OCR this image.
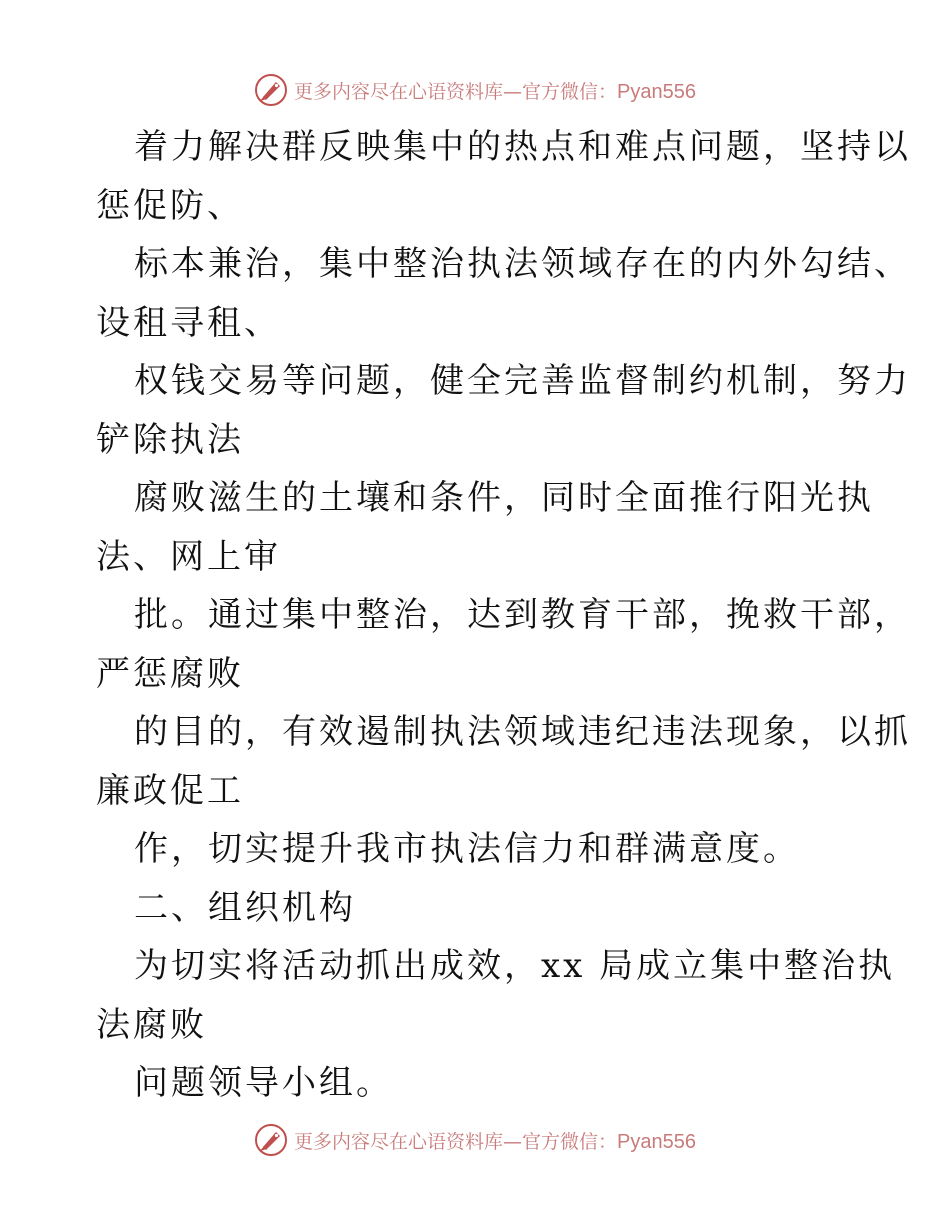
更多内容尽在心语资料库—官方微信：Pyan556
着力解决群反映集中的热点和难点问题，坚持以
惩促防、
标本兼治，集中整治执法领域存在的内外勾结、
设租寻租、
权钱交易等问题，健全完善监督制约机制，努力
铲除执法
腐败滋生的土壤和条件，同时全面推行阳光执
法、网上审
批。通过集中整治，达到教育干部，挽救干部，
严惩腐败
的目的，有效遏制执法领域违纪违法现象，以抓
廉政促工
作，切实提升我市执法信力和群满意度。
二、组织机构
为切实将活动抓出成效，xx 局成立集中整治执
法腐败
问题领导小组。
更多内容尽在心语资料库—官方微信：Pyan556
